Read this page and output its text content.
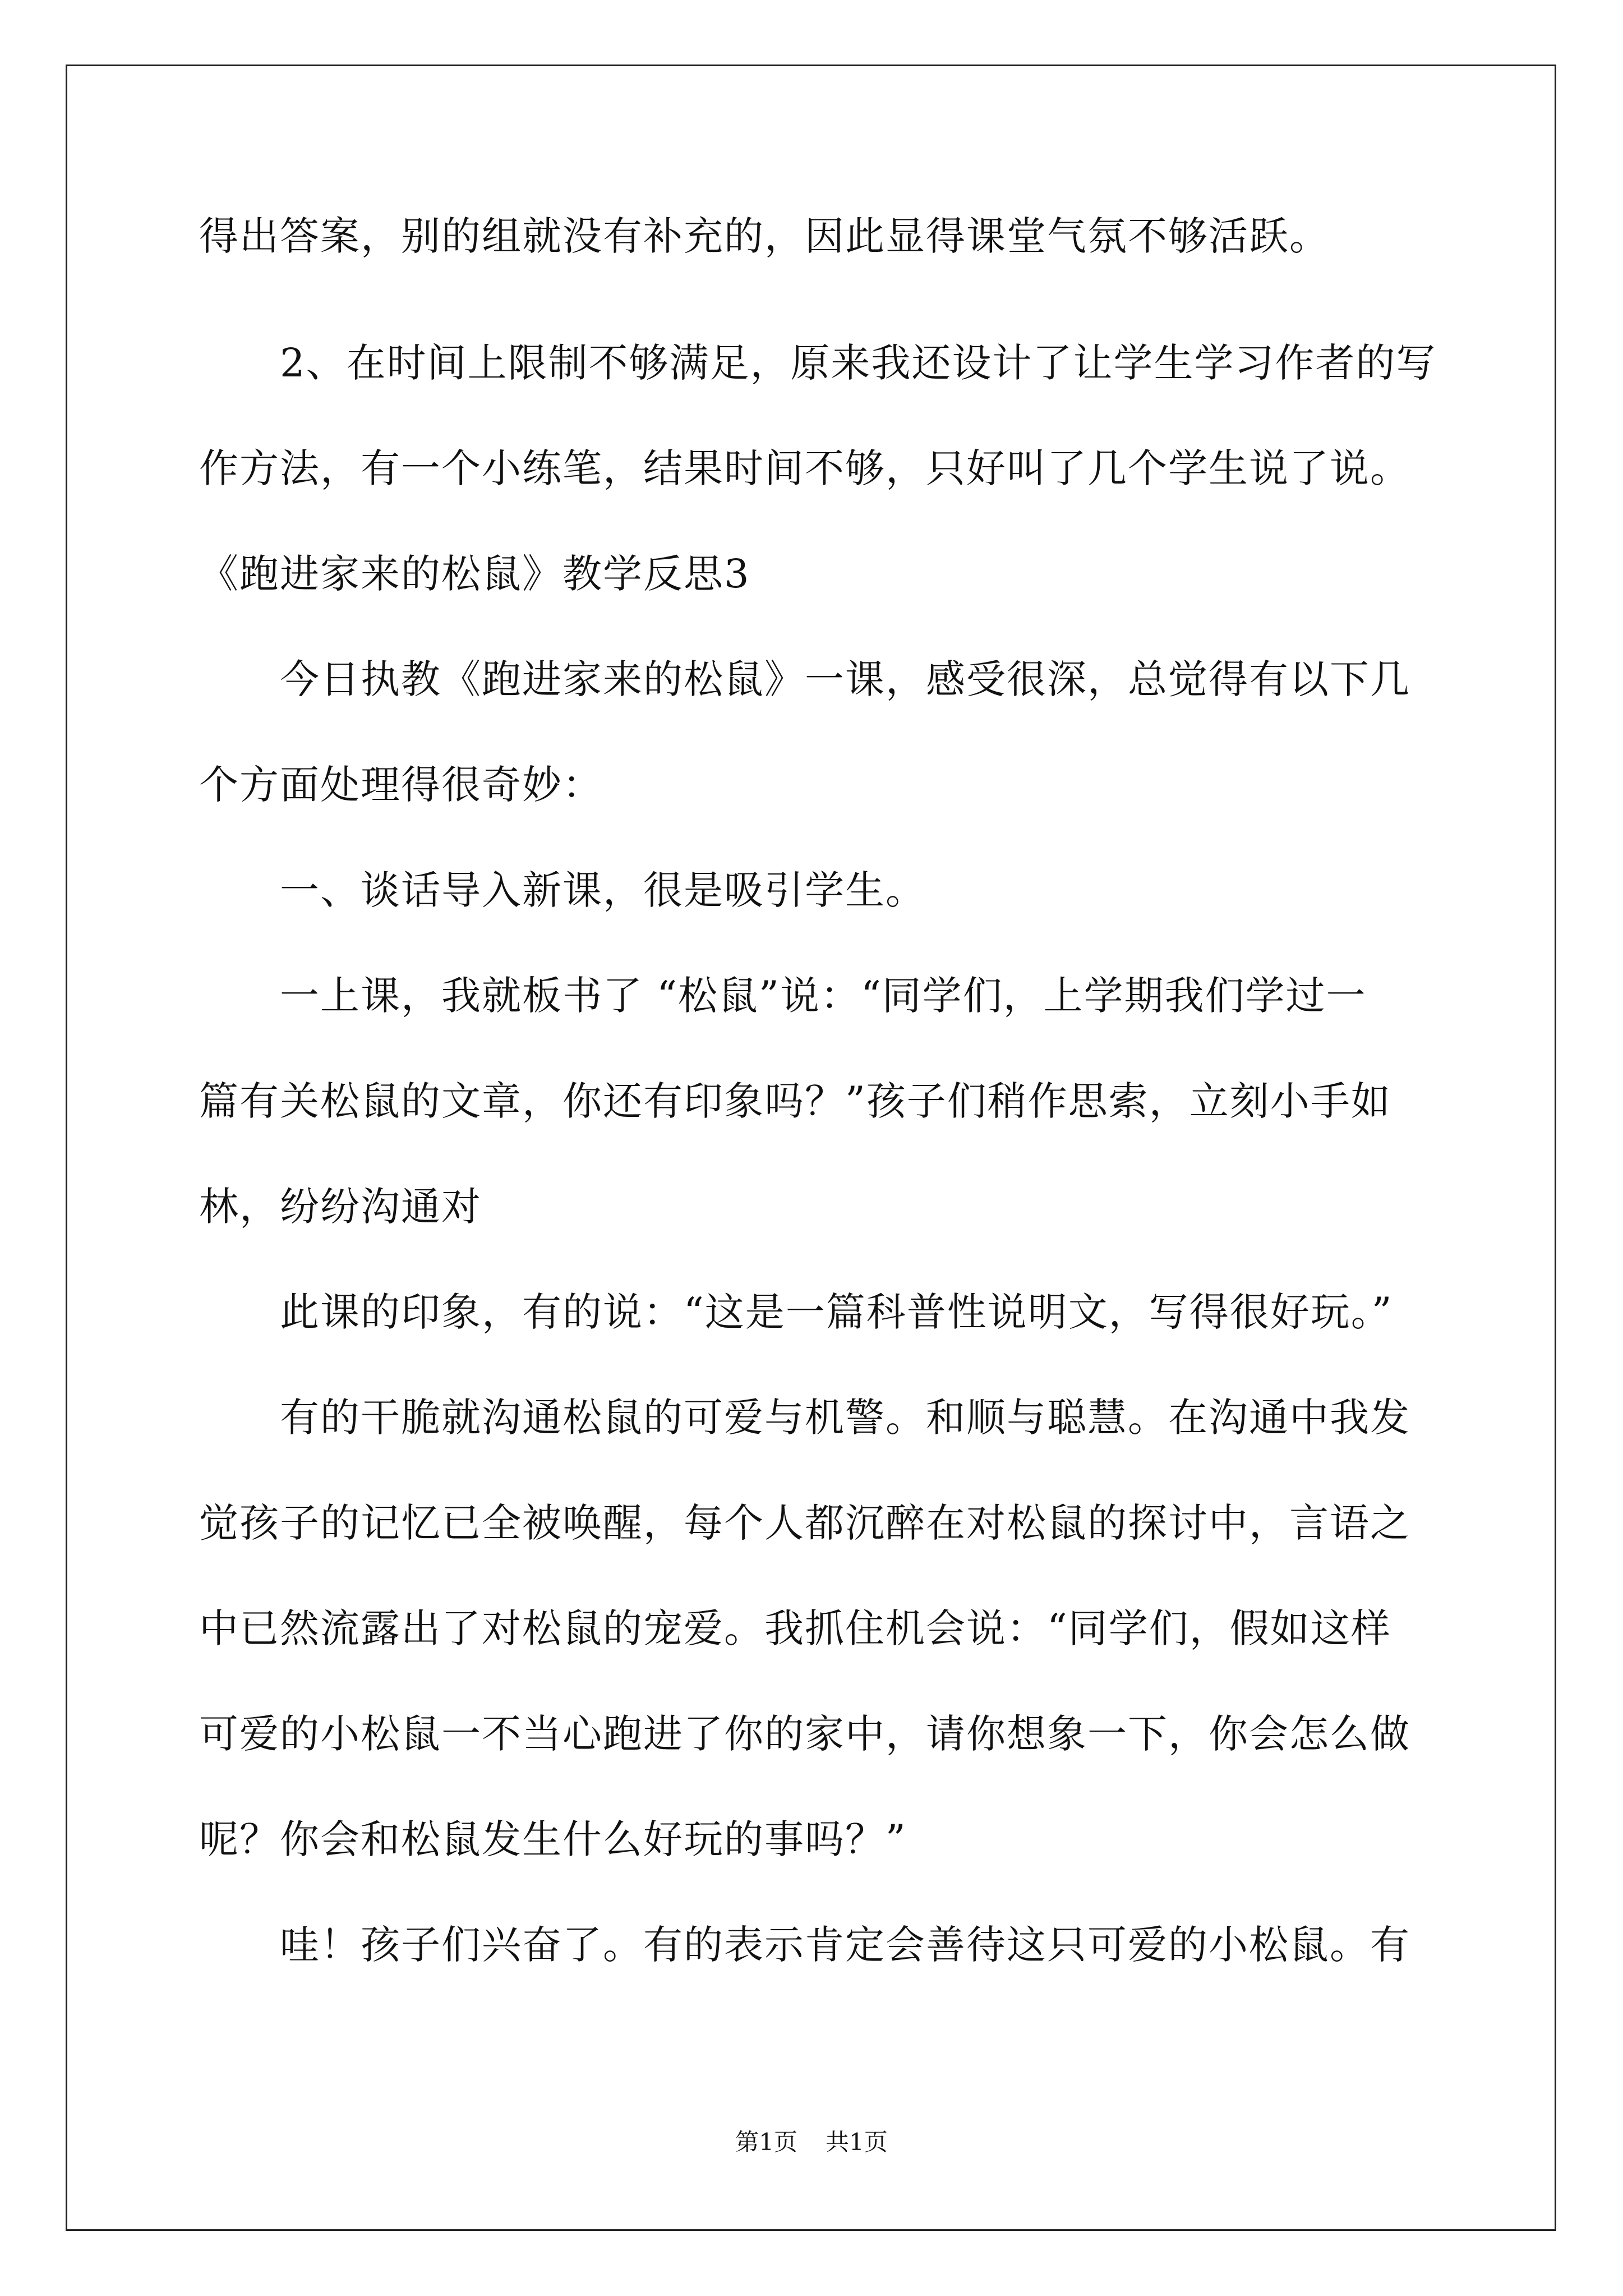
得出答案，别的组就没有补充的，因此显得课堂气氛不够活跃。
2、在时间上限制不够满足，原来我还设计了让学生学习作者的写
作方法，有一个小练笔，结果时间不够，只好叫了几个学生说了说。
《跑进家来的松鼠》教学反思3
今日执教《跑进家来的松鼠》一课，感受很深，总觉得有以下几
个方面处理得很奇妙：
一、谈话导入新课，很是吸引学生。
一上课，我就板书了 “松鼠”说：“同学们，上学期我们学过一
篇有关松鼠的文章，你还有印象吗？”孩子们稍作思索，立刻小手如
林，纷纷沟通对
此课的印象，有的说：“这是一篇科普性说明文，写得很好玩。”
有的干脆就沟通松鼠的可爱与机警。和顺与聪慧。在沟通中我发
觉孩子的记忆已全被唤醒，每个人都沉醉在对松鼠的探讨中，言语之
中已然流露出了对松鼠的宠爱。我抓住机会说：“同学们，假如这样
可爱的小松鼠一不当心跑进了你的家中，请你想象一下，你会怎么做
呢？你会和松鼠发生什么好玩的事吗？”
哇！孩子们兴奋了。有的表示肯定会善待这只可爱的小松鼠。有
第1页 共1页
